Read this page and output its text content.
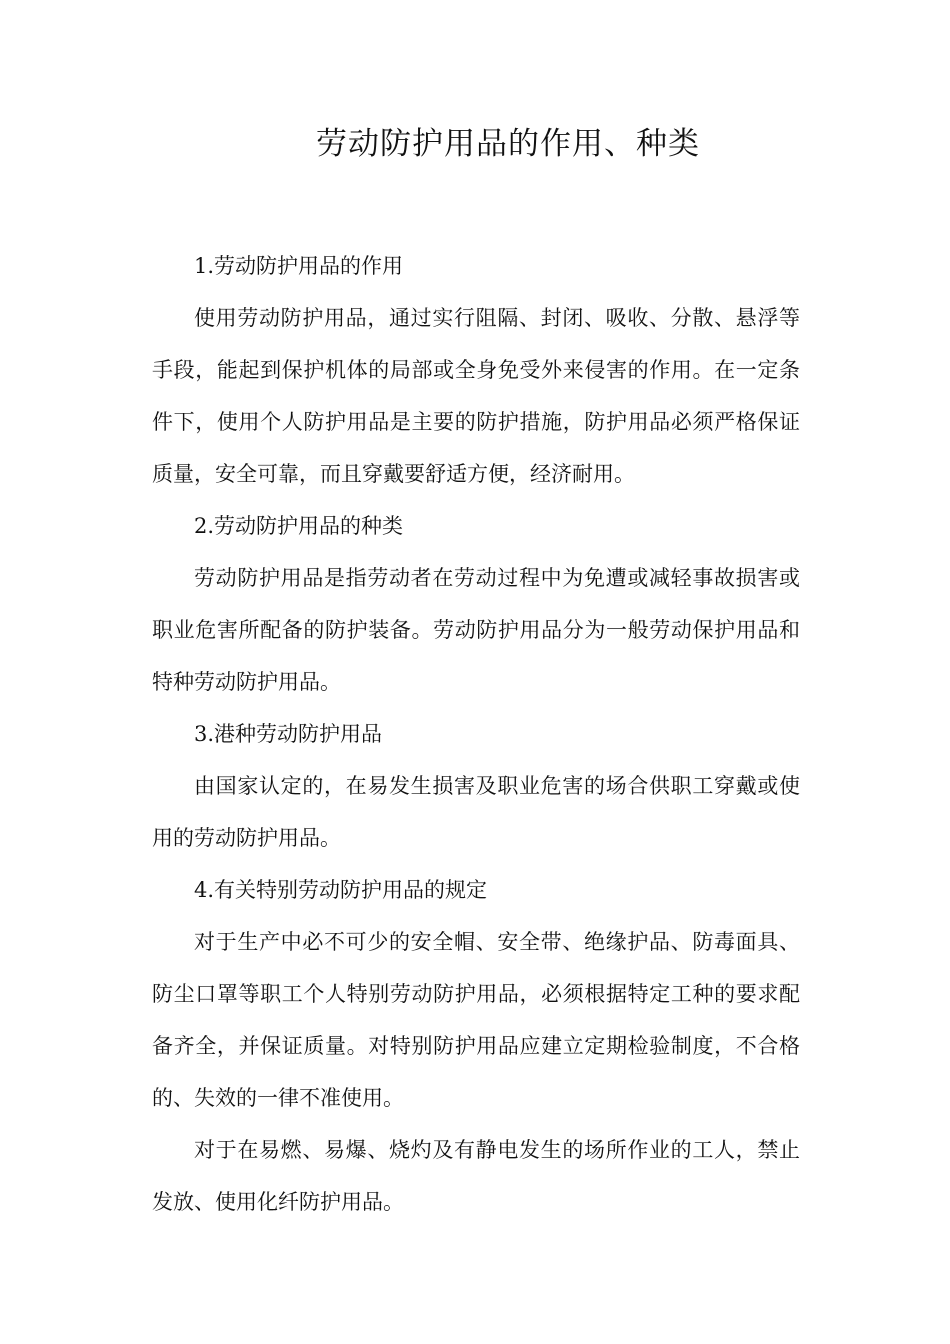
劳动防护用品的作用、种类

1.劳动防护用品的作用

使用劳动防护用品，通过实行阻隔、封闭、吸收、分散、悬浮等手段，能起到保护机体的局部或全身免受外来侵害的作用。在一定条件下，使用个人防护用品是主要的防护措施，防护用品必须严格保证质量，安全可靠，而且穿戴要舒适方便，经济耐用。

2.劳动防护用品的种类

劳动防护用品是指劳动者在劳动过程中为免遭或减轻事故损害或职业危害所配备的防护装备。劳动防护用品分为一般劳动保护用品和特种劳动防护用品。

3.港种劳动防护用品

由国家认定的，在易发生损害及职业危害的场合供职工穿戴或使用的劳动防护用品。

4.有关特别劳动防护用品的规定

对于生产中必不可少的安全帽、安全带、绝缘护品、防毒面具、防尘口罩等职工个人特别劳动防护用品，必须根据特定工种的要求配备齐全，并保证质量。对特别防护用品应建立定期检验制度，不合格的、失效的一律不准使用。

对于在易燃、易爆、烧灼及有静电发生的场所作业的工人，禁止发放、使用化纤防护用品。
